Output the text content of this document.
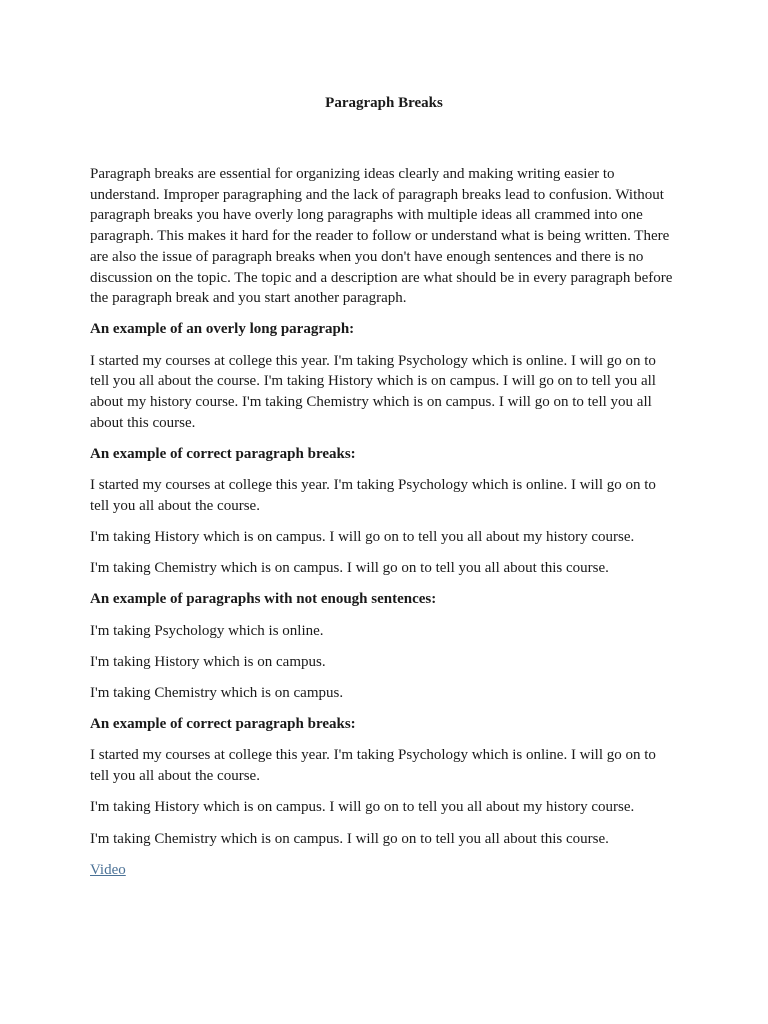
Paragraph Breaks

Paragraph breaks are essential for organizing ideas clearly and making writing easier to understand. Improper paragraphing and the lack of paragraph breaks lead to confusion. Without paragraph breaks you have overly long paragraphs with multiple ideas all crammed into one paragraph. This makes it hard for the reader to follow or understand what is being written. There are also the issue of paragraph breaks when you don't have enough sentences and there is no discussion on the topic. The topic and a description are what should be in every paragraph before the paragraph break and you start another paragraph.

An example of an overly long paragraph:

I started my courses at college this year. I'm taking Psychology which is online. I will go on to tell you all about the course. I'm taking History which is on campus. I will go on to tell you all about my history course. I'm taking Chemistry which is on campus. I will go on to tell you all about this course.

An example of correct paragraph breaks:

I started my courses at college this year. I'm taking Psychology which is online. I will go on to tell you all about the course.

I'm taking History which is on campus. I will go on to tell you all about my history course.

I'm taking Chemistry which is on campus. I will go on to tell you all about this course.

An example of paragraphs with not enough sentences:

I'm taking Psychology which is online.

I'm taking History which is on campus.

I'm taking Chemistry which is on campus.

An example of correct paragraph breaks:

I started my courses at college this year. I'm taking Psychology which is online. I will go on to tell you all about the course.

I'm taking History which is on campus. I will go on to tell you all about my history course.

I'm taking Chemistry which is on campus. I will go on to tell you all about this course.

Video
